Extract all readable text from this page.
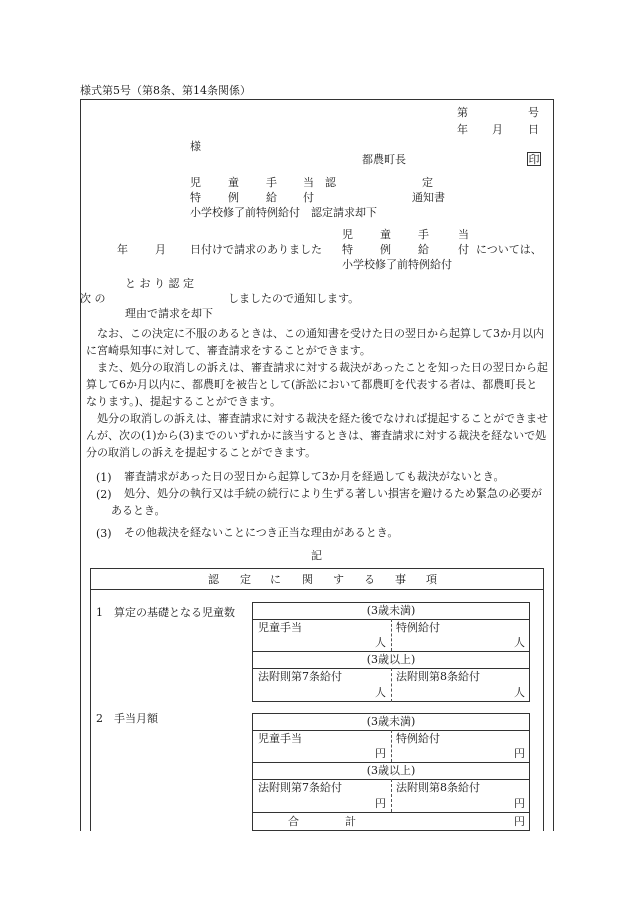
様式第5号（第8条、第14条関係）
第	号
年 月 日
様
都農町長	印
児 童 手 当 認	定
特 例 給 付	通知書
小学校修了前特例給付　認定請求却下
児 童 手	当
年 月 日付けで請求のありました 特 例 給	付 については、
小学校修了前特例給付
と お り 認 定
次 の	しましたので通知します。
理由で請求を却下
なお、この決定に不服のあるときは、この通知書を受けた日の翌日から起算して3か月以内に宮崎県知事に対して、審査請求をすることができます。
また、処分の取消しの訴えは、審査請求に対する裁決があったことを知った日の翌日から起算して6か月以内に、都農町を被告として(訴訟において都農町を代表する者は、都農町長となります。)、提起することができます。
処分の取消しの訴えは、審査請求に対する裁決を経た後でなければ提起することができませんが、次の(1)から(3)までのいずれかに該当するときは、審査請求に対する裁決を経ないで処分の取消しの訴えを提起することができます。
(1) 審査請求があった日の翌日から起算して3か月を経過しても裁決がないとき。
(2)	処分、処分の執行又は手続の続行により生ずる著しい損害を避けるため緊急の必要があるとき。
(3) その他裁決を経ないことにつき正当な理由があるとき。
記
認 定 に 関 す る 事 項
1　算定の基礎となる児童数	(3歳未満)
児童手当	特例給付
人	人
(3歳以上)
法附則第7条給付	法附則第8条給付
人	人
2　手当月額	(3歳未満)
児童手当	特例給付
円	円
(3歳以上)
法附則第7条給付	法附則第8条給付
円	円
合	計	円
